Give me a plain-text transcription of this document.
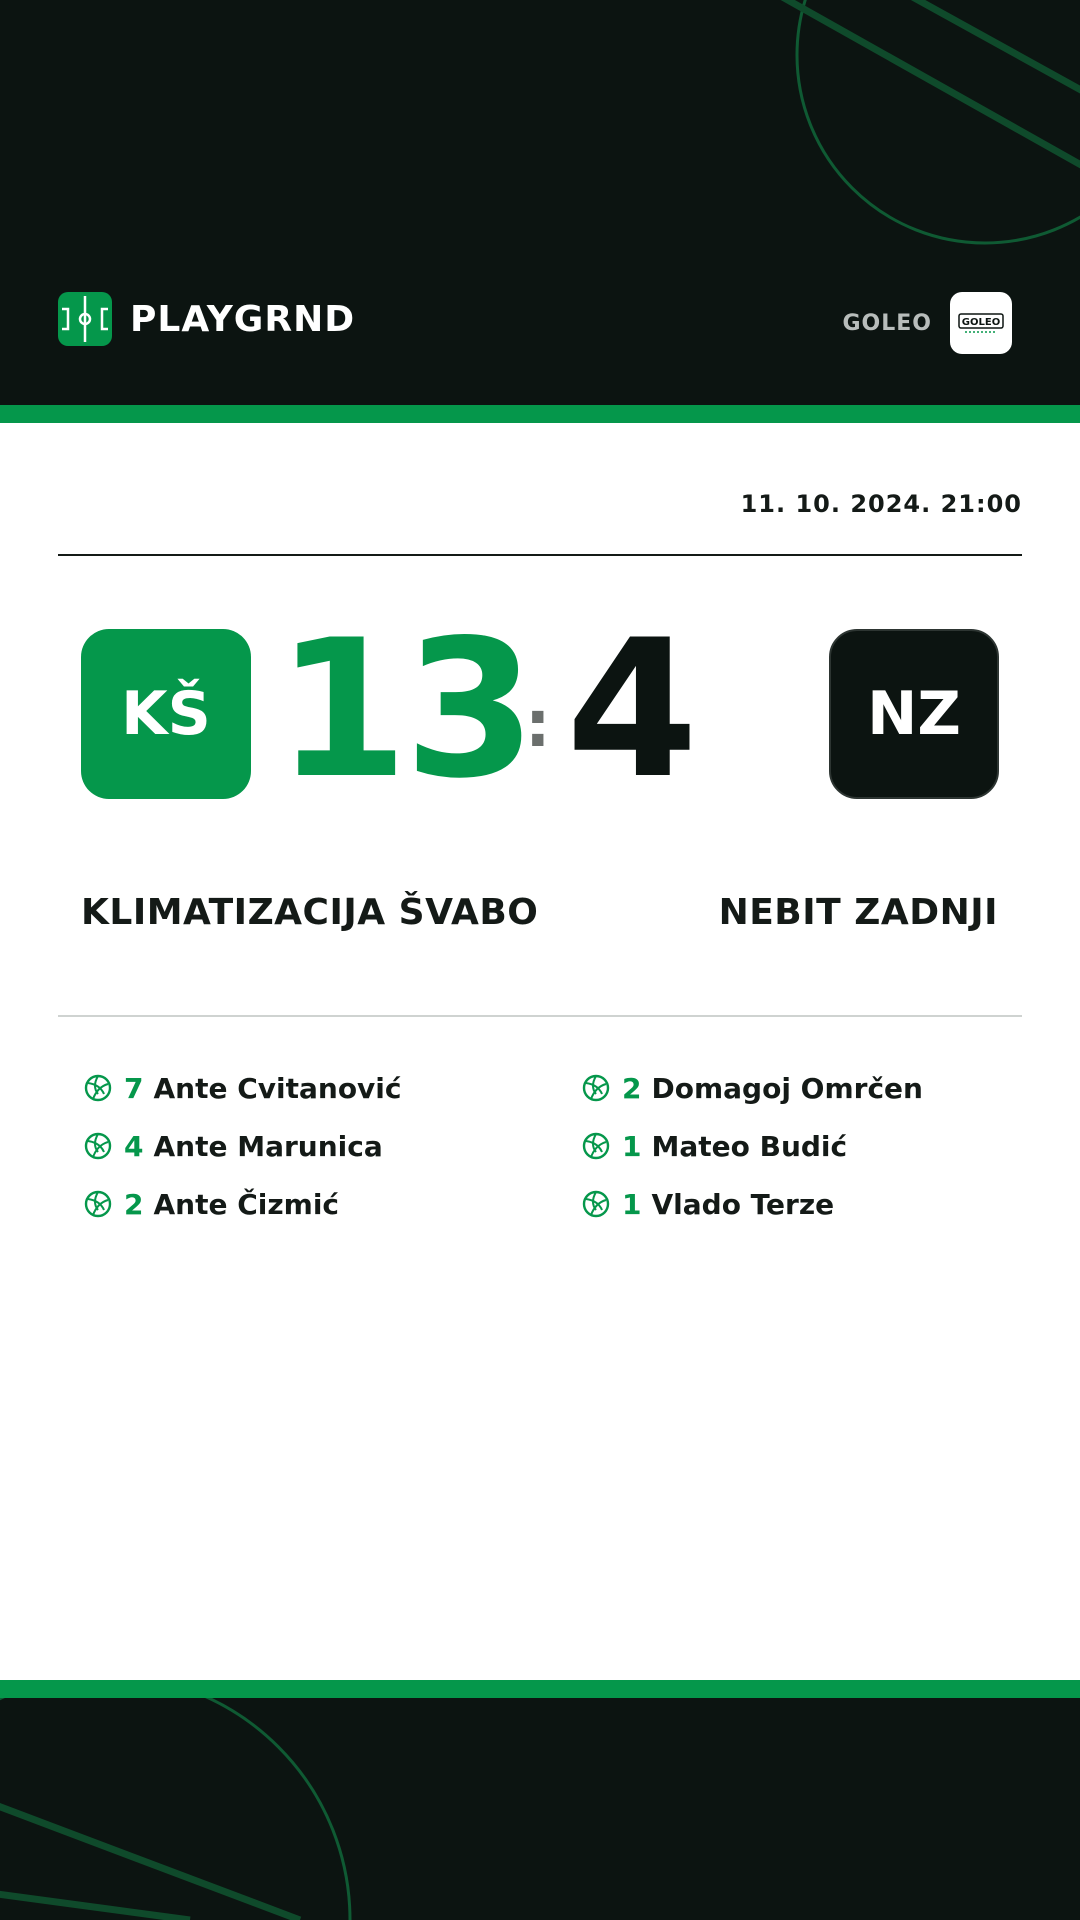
PLAYGRND	GOLEO	GOLEO
11. 10. 2024. 21:00
KŠ 13
: 4	NZ
KLIMATIZACIJA ŠVABO	NEBIT ZADNJI
7 Ante Cvitanović
4 Ante Marunica
2 Ante Čizmić
2 Domagoj Omrčen
1 Mateo Budić
1 Vlado Terze
